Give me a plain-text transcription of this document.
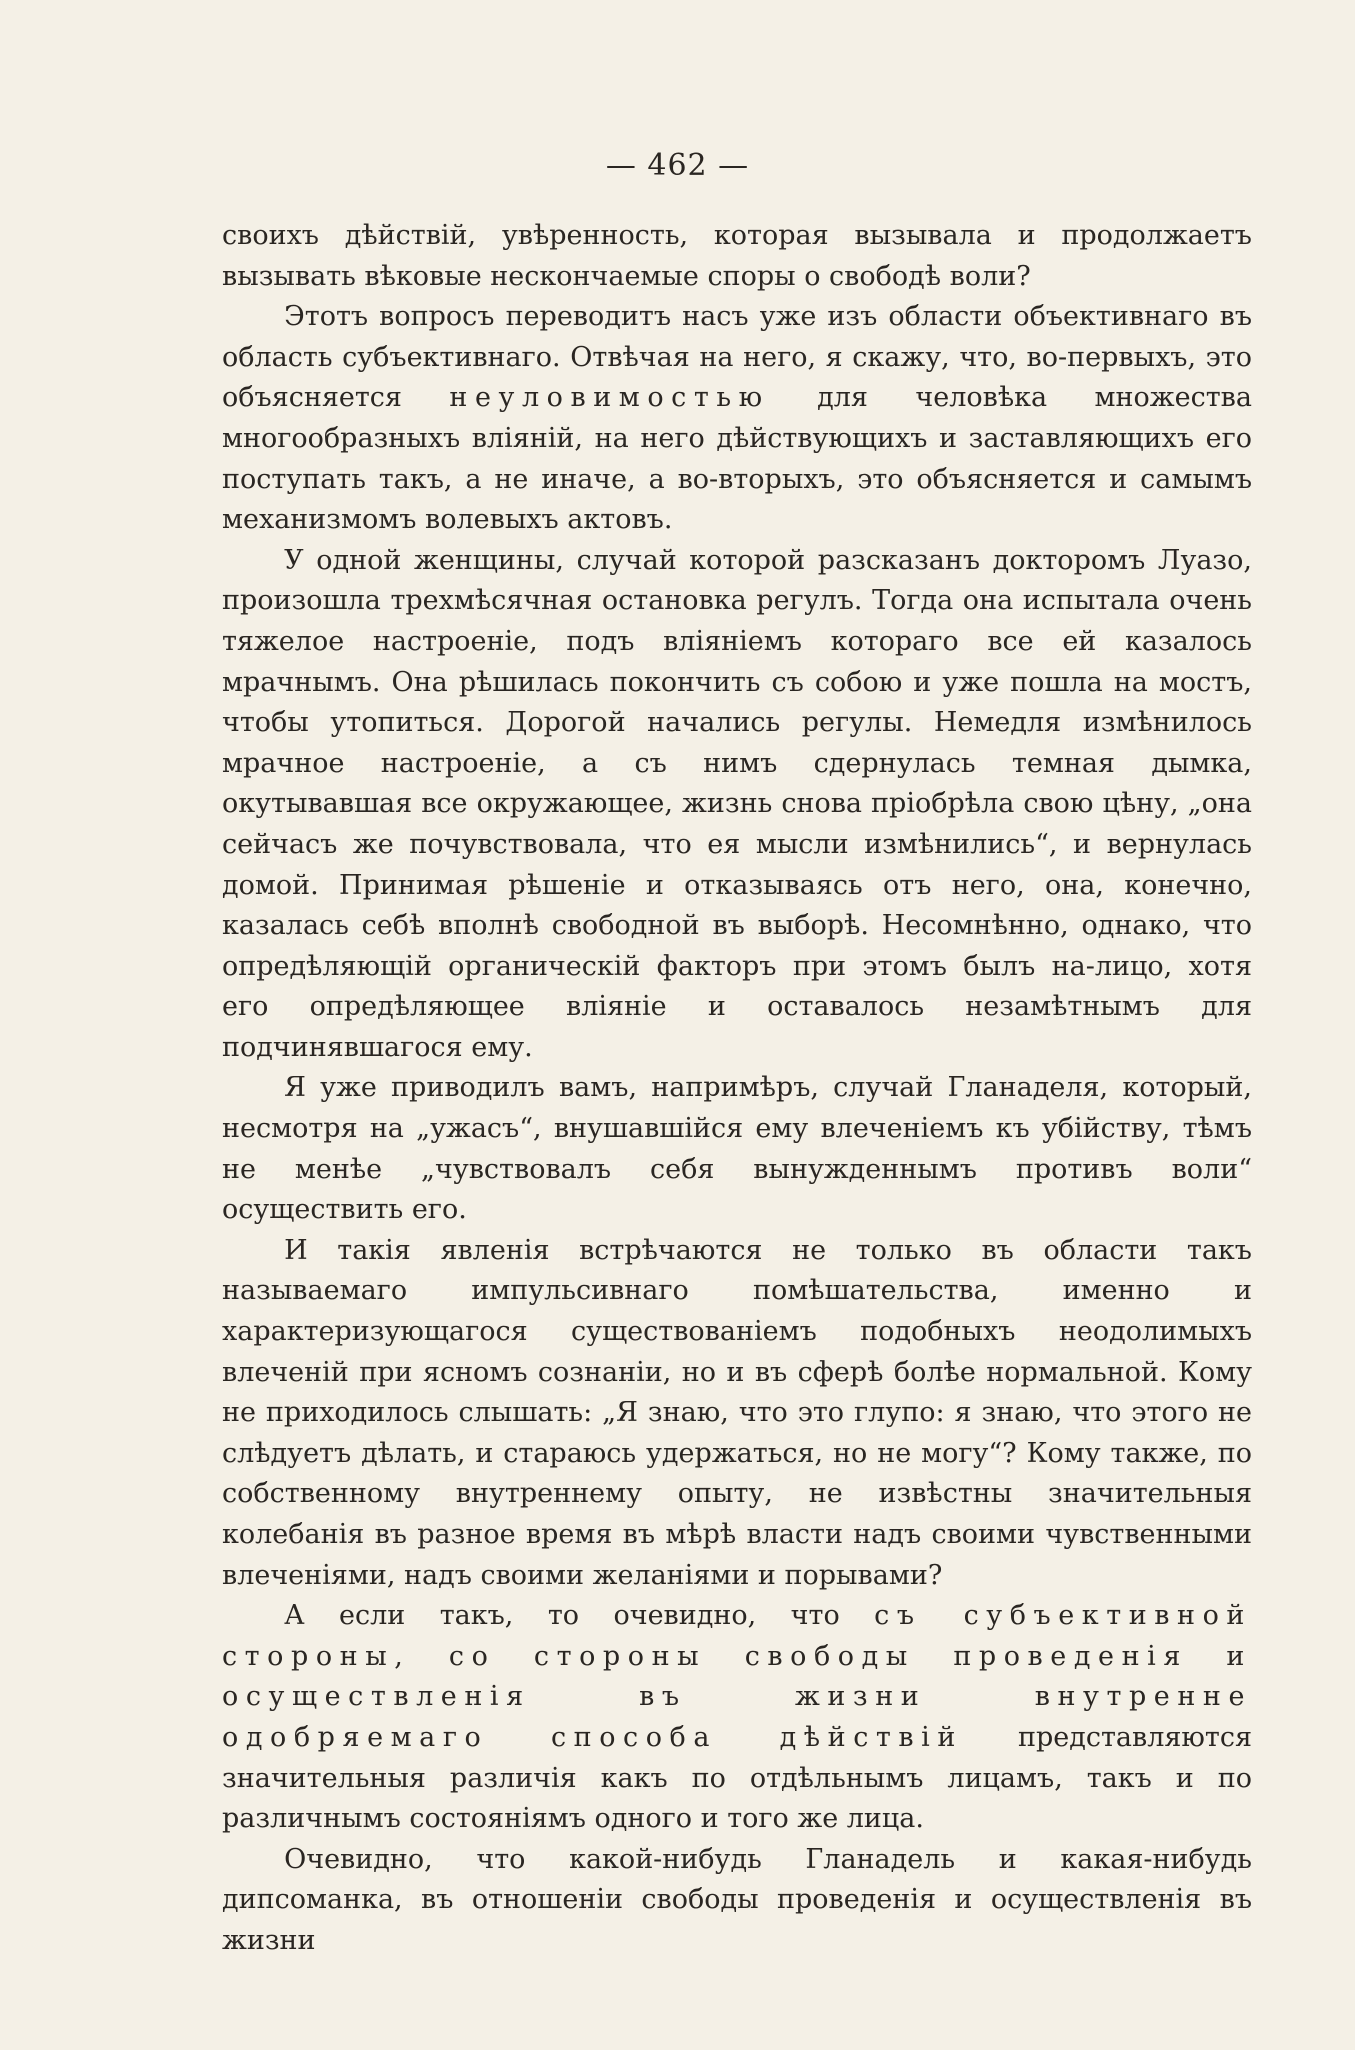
— 462 —

своихъ дѣйствій, увѣренность, которая вызывала и продолжаетъ вызывать вѣковые нескончаемые споры о свободѣ воли?

Этотъ вопросъ переводитъ насъ уже изъ области объективнаго въ область субъективнаго. Отвѣчая на него, я скажу, что, во-первыхъ, это объясняется неуловимостью для человѣка множества многообразныхъ вліяній, на него дѣйствующихъ и заставляющихъ его поступать такъ, а не иначе, а во-вторыхъ, это объясняется и самымъ механизмомъ волевыхъ актовъ.

У одной женщины, случай которой разсказанъ докторомъ Луазо, произошла трехмѣсячная остановка регулъ. Тогда она испытала очень тяжелое настроеніе, подъ вліяніемъ котораго все ей казалось мрачнымъ. Она рѣшилась покончить съ собою и уже пошла на мостъ, чтобы утопиться. Дорогой начались регулы. Немедля измѣнилось мрачное настроеніе, а съ нимъ сдернулась темная дымка, окутывавшая все окружающее, жизнь снова пріобрѣла свою цѣну, „она сейчасъ же почувствовала, что ея мысли измѣнились“, и вернулась домой. Принимая рѣшеніе и отказываясь отъ него, она, конечно, казалась себѣ вполнѣ свободной въ выборѣ. Несомнѣнно, однако, что опредѣляющій органическій факторъ при этомъ былъ на-лицо, хотя его опредѣляющее вліяніе и оставалось незамѣтнымъ для подчинявшагося ему.

Я уже приводилъ вамъ, напримѣръ, случай Гланаделя, который, несмотря на „ужасъ“, внушавшійся ему влеченіемъ къ убійству, тѣмъ не менѣе „чувствовалъ себя вынужденнымъ противъ воли“ осуществить его.

И такія явленія встрѣчаются не только въ области такъ называемаго импульсивнаго помѣшательства, именно и характеризующагося существованіемъ подобныхъ неодолимыхъ влеченій при ясномъ сознаніи, но и въ сферѣ болѣе нормальной. Кому не приходилось слышать: „Я знаю, что это глупо: я знаю, что этого не слѣдуетъ дѣлать, и стараюсь удержаться, но не могу“? Кому также, по собственному внутреннему опыту, не извѣстны значительныя колебанія въ разное время въ мѣрѣ власти надъ своими чувственными влеченіями, надъ своими желаніями и порывами?

А если такъ, то очевидно, что съ субъективной стороны, со стороны свободы проведенія и осуществленія въ жизни внутренне одобряемаго способа дѣйствій представляются значительныя различія какъ по отдѣльнымъ лицамъ, такъ и по различнымъ состояніямъ одного и того же лица.

Очевидно, что какой-нибудь Гланадель и какая-нибудь дипсоманка, въ отношеніи свободы проведенія и осуществленія въ жизни
